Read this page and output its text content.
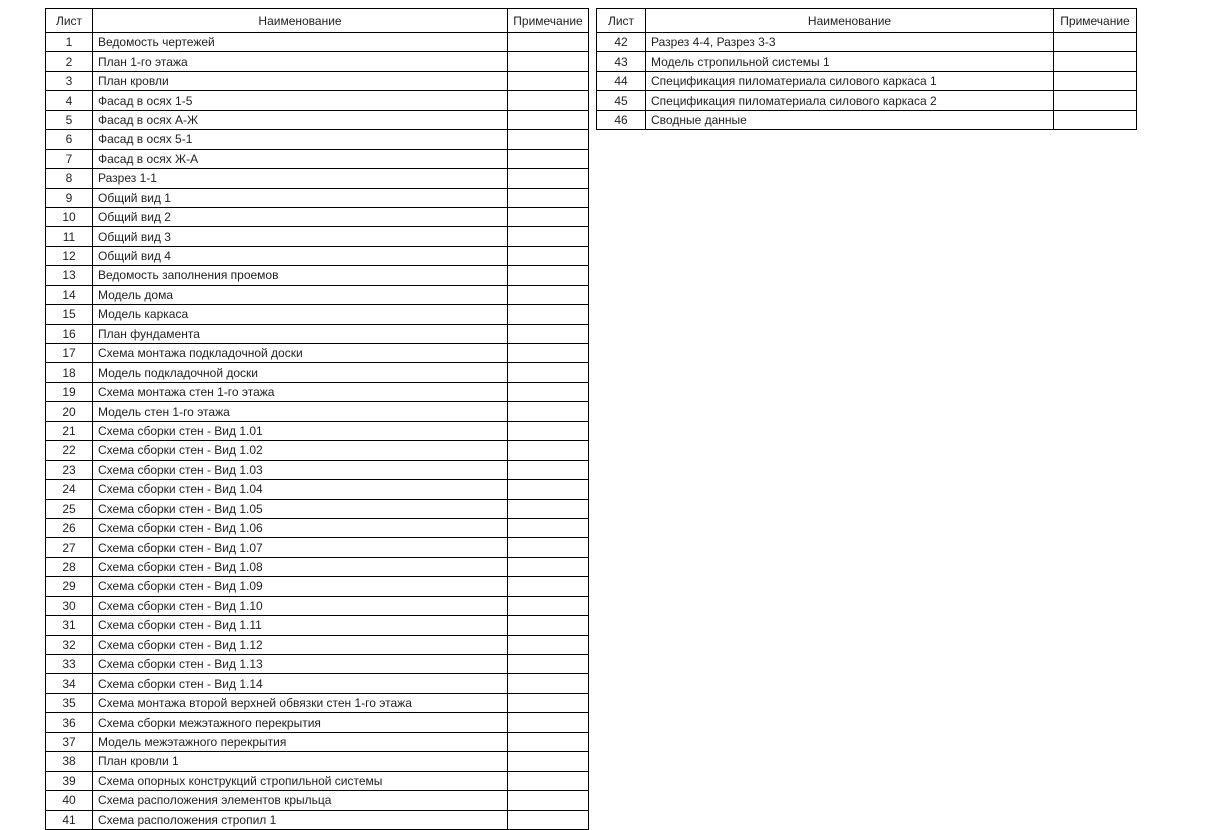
Лист	Наименование	Примечание
1	Ведомость чертежей	
2	План 1-го этажа	
3	План кровли	
4	Фасад в осях 1-5	
5	Фасад в осях А-Ж	
6	Фасад в осях 5-1	
7	Фасад в осях Ж-А	
8	Разрез 1-1	
9	Общий вид 1	
10	Общий вид 2	
11	Общий вид 3	
12	Общий вид 4	
13	Ведомость заполнения проемов	
14	Модель дома	
15	Модель каркаса	
16	План фундамента	
17	Схема монтажа подкладочной доски	
18	Модель подкладочной доски	
19	Схема монтажа стен 1-го этажа	
20	Модель стен 1-го этажа	
21	Схема сборки стен - Вид 1.01	
22	Схема сборки стен - Вид 1.02	
23	Схема сборки стен - Вид 1.03	
24	Схема сборки стен - Вид 1.04	
25	Схема сборки стен - Вид 1.05	
26	Схема сборки стен - Вид 1.06	
27	Схема сборки стен - Вид 1.07	
28	Схема сборки стен - Вид 1.08	
29	Схема сборки стен - Вид 1.09	
30	Схема сборки стен - Вид 1.10	
31	Схема сборки стен - Вид 1.11	
32	Схема сборки стен - Вид 1.12	
33	Схема сборки стен - Вид 1.13	
34	Схема сборки стен - Вид 1.14	
35	Схема монтажа второй верхней обвязки стен 1-го этажа	
36	Схема сборки межэтажного перекрытия	
37	Модель межэтажного перекрытия	
38	План кровли 1	
39	Схема опорных конструкций стропильной системы	
40	Схема расположения элементов крыльца	
41	Схема расположения стропил 1	
Лист	Наименование	Примечание
42	Разрез 4-4, Разрез 3-3	
43	Модель стропильной системы 1	
44	Спецификация пиломатериала силового каркаса 1	
45	Спецификация пиломатериала силового каркаса 2	
46	Сводные данные	
